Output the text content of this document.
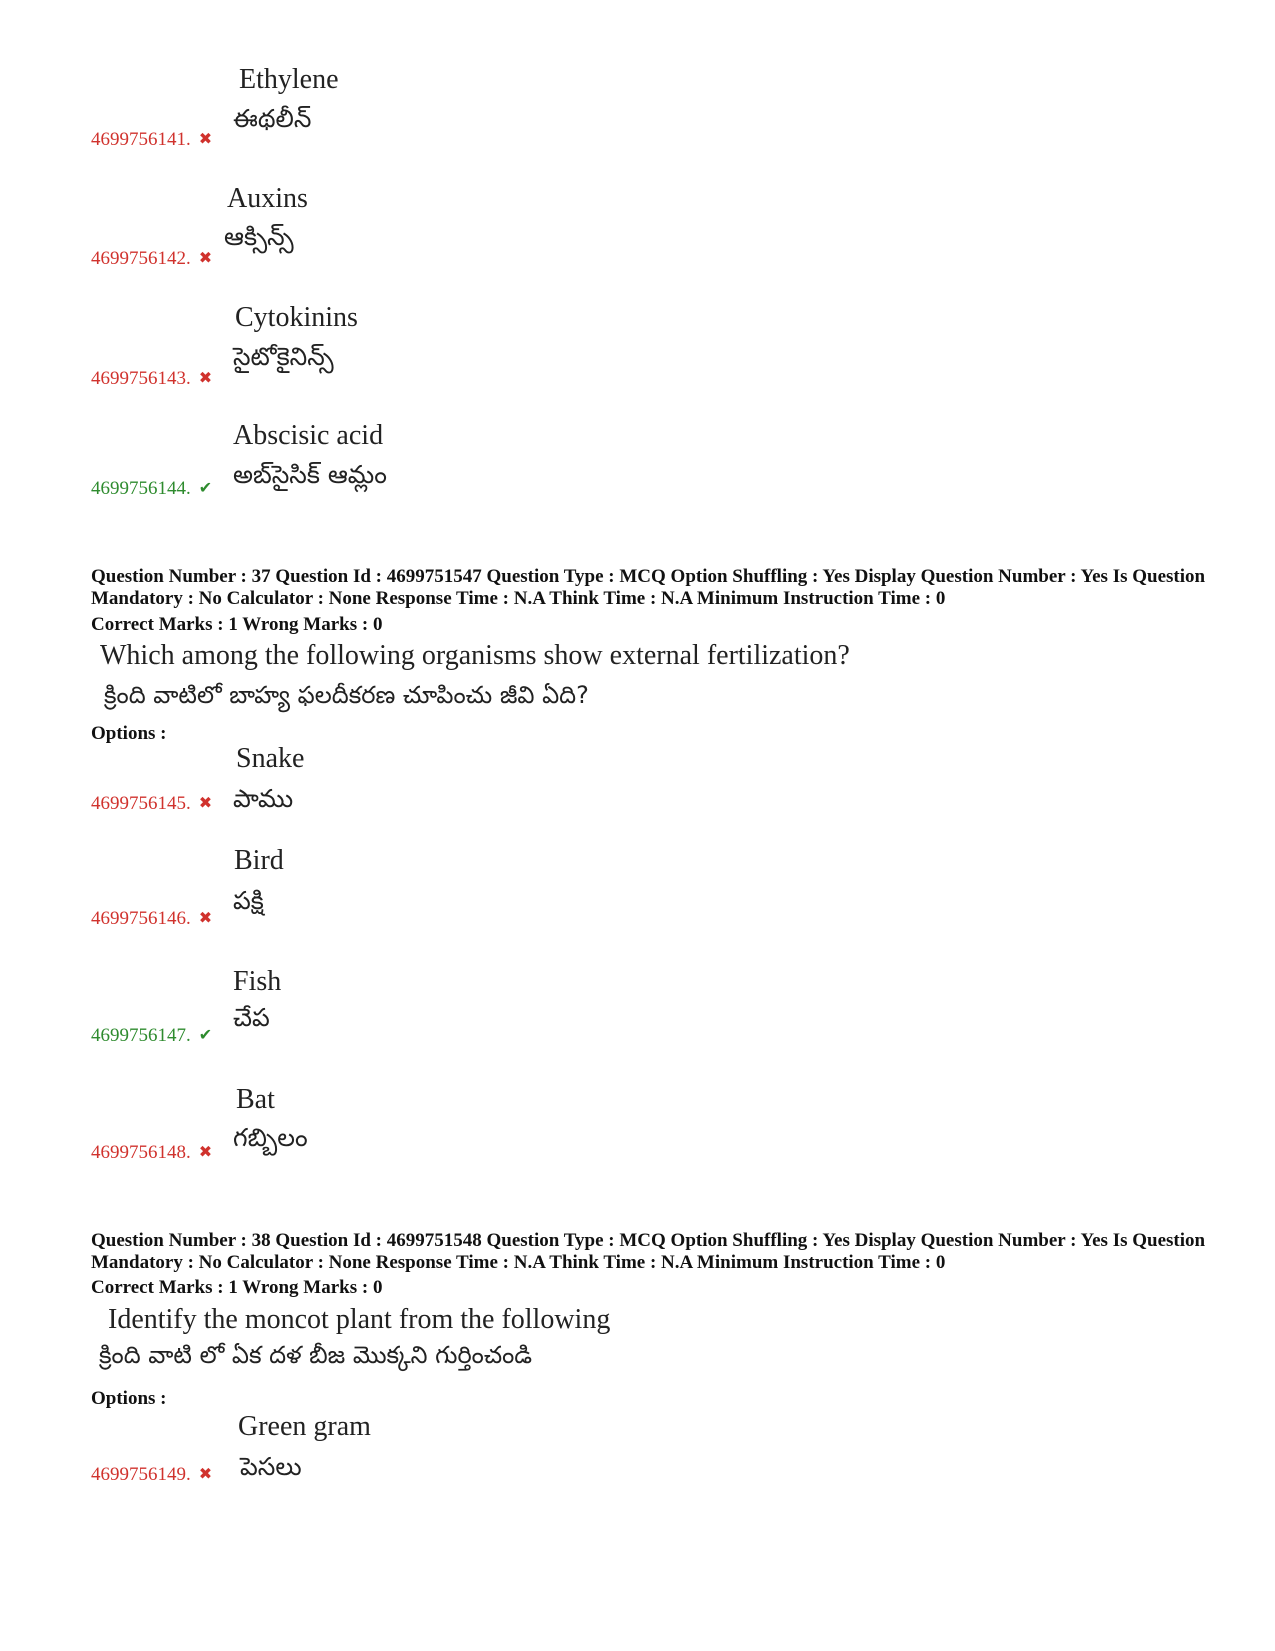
Ethylene
ఈథలీన్
4699756141. ✖
Auxins
ఆక్సిన్స్
4699756142. ✖
Cytokinins
సైటోకైనిన్స్
4699756143. ✖
Abscisic acid
అబ్‌సైసిక్ ఆమ్లం
4699756144. ✔
Question Number : 37 Question Id : 4699751547 Question Type : MCQ Option Shuffling : Yes Display Question Number : Yes Is Question Mandatory : No Calculator : None Response Time : N.A Think Time : N.A Minimum Instruction Time : 0
Correct Marks : 1 Wrong Marks : 0
Which among the following organisms show external fertilization?
క్రింది వాటిలో బాహ్య ఫలదీకరణ చూపించు జీవి ఏది?
Options :
Snake
పాము
4699756145. ✖
Bird
పక్షి
4699756146. ✖
Fish
చేప
4699756147. ✔
Bat
గబ్బిలం
4699756148. ✖
Question Number : 38 Question Id : 4699751548 Question Type : MCQ Option Shuffling : Yes Display Question Number : Yes Is Question Mandatory : No Calculator : None Response Time : N.A Think Time : N.A Minimum Instruction Time : 0
Correct Marks : 1 Wrong Marks : 0
Identify the moncot plant from the following
క్రింది వాటి లో ఏక దళ బీజ మొక్కని గుర్తించండి
Options :
Green gram
పెసలు
4699756149. ✖
